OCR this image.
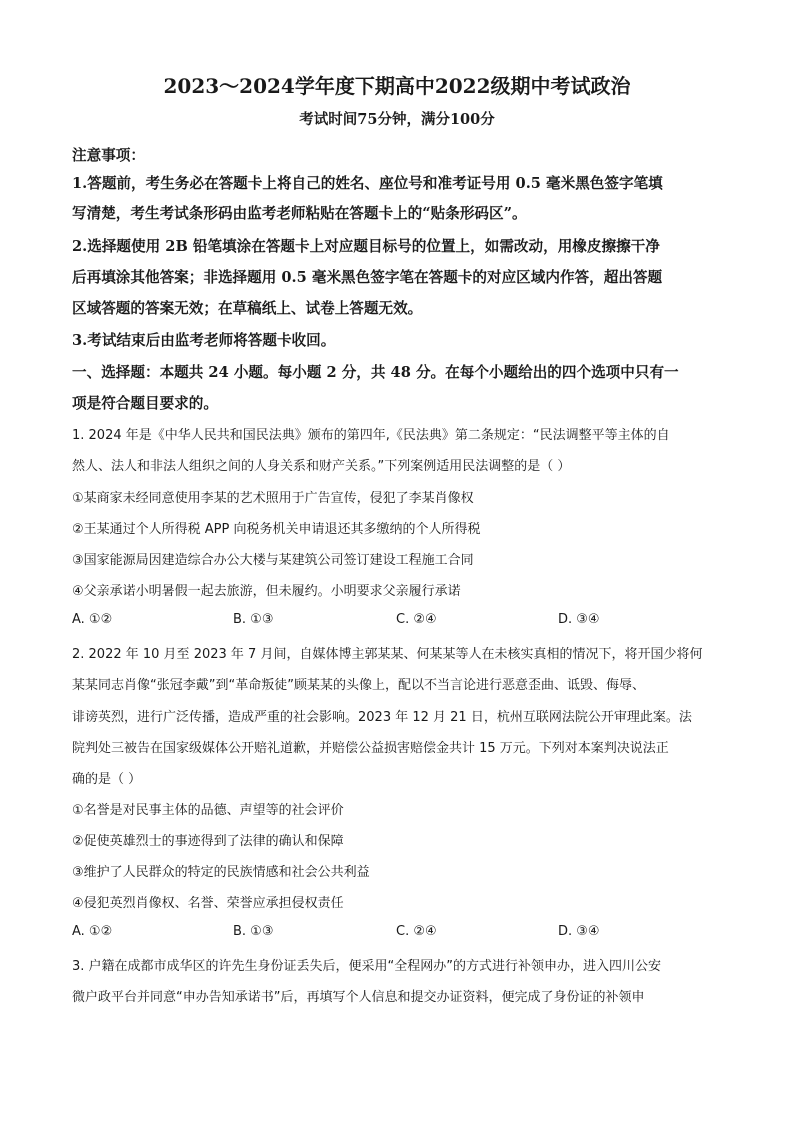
2023～2024学年度下期高中2022级期中考试政治
考试时间75分钟，满分100分
注意事项：
1.答题前，考生务必在答题卡上将自己的姓名、座位号和准考证号用 0.5 毫米黑色签字笔填
写清楚，考生考试条形码由监考老师粘贴在答题卡上的“贴条形码区”。
2.选择题使用 2B 铅笔填涂在答题卡上对应题目标号的位置上，如需改动，用橡皮擦擦干净
后再填涂其他答案；非选择题用 0.5 毫米黑色签字笔在答题卡的对应区域内作答，超出答题
区域答题的答案无效；在草稿纸上、试卷上答题无效。
3.考试结束后由监考老师将答题卡收回。
一、选择题：本题共 24 小题。每小题 2 分，共 48 分。在每个小题给出的四个选项中只有一
项是符合题目要求的。
1. 2024 年是《中华人民共和国民法典》颁布的第四年,《民法典》第二条规定：“民法调整平等主体的自
然人、法人和非法人组织之间的人身关系和财产关系。”下列案例适用民法调整的是（ ）
①某商家未经同意使用李某的艺术照用于广告宣传，侵犯了李某肖像权
②王某通过个人所得税 APP 向税务机关申请退还其多缴纳的个人所得税
③国家能源局因建造综合办公大楼与某建筑公司签订建设工程施工合同
④父亲承诺小明暑假一起去旅游，但未履约。小明要求父亲履行承诺
A. ①②	B. ①③	C. ②④	D. ③④
2. 2022 年 10 月至 2023 年 7 月间，自媒体博主郭某某、何某某等人在未核实真相的情况下，将开国少将何
某某同志肖像“张冠李戴”到“革命叛徒”顾某某的头像上，配以不当言论进行恶意歪曲、诋毁、侮辱、
诽谤英烈，进行广泛传播，造成严重的社会影响。2023 年 12 月 21 日，杭州互联网法院公开审理此案。法
院判处三被告在国家级媒体公开赔礼道歉，并赔偿公益损害赔偿金共计 15 万元。下列对本案判决说法正
确的是（ ）
①名誉是对民事主体的品德、声望等的社会评价
②促使英雄烈士的事迹得到了法律的确认和保障
③维护了人民群众的特定的民族情感和社会公共利益
④侵犯英烈肖像权、名誉、荣誉应承担侵权责任
A. ①②	B. ①③	C. ②④	D. ③④
3. 户籍在成都市成华区的许先生身份证丢失后，便采用“全程网办”的方式进行补领申办，进入四川公安
微户政平台并同意“申办告知承诺书”后，再填写个人信息和提交办证资料，便完成了身份证的补领申
